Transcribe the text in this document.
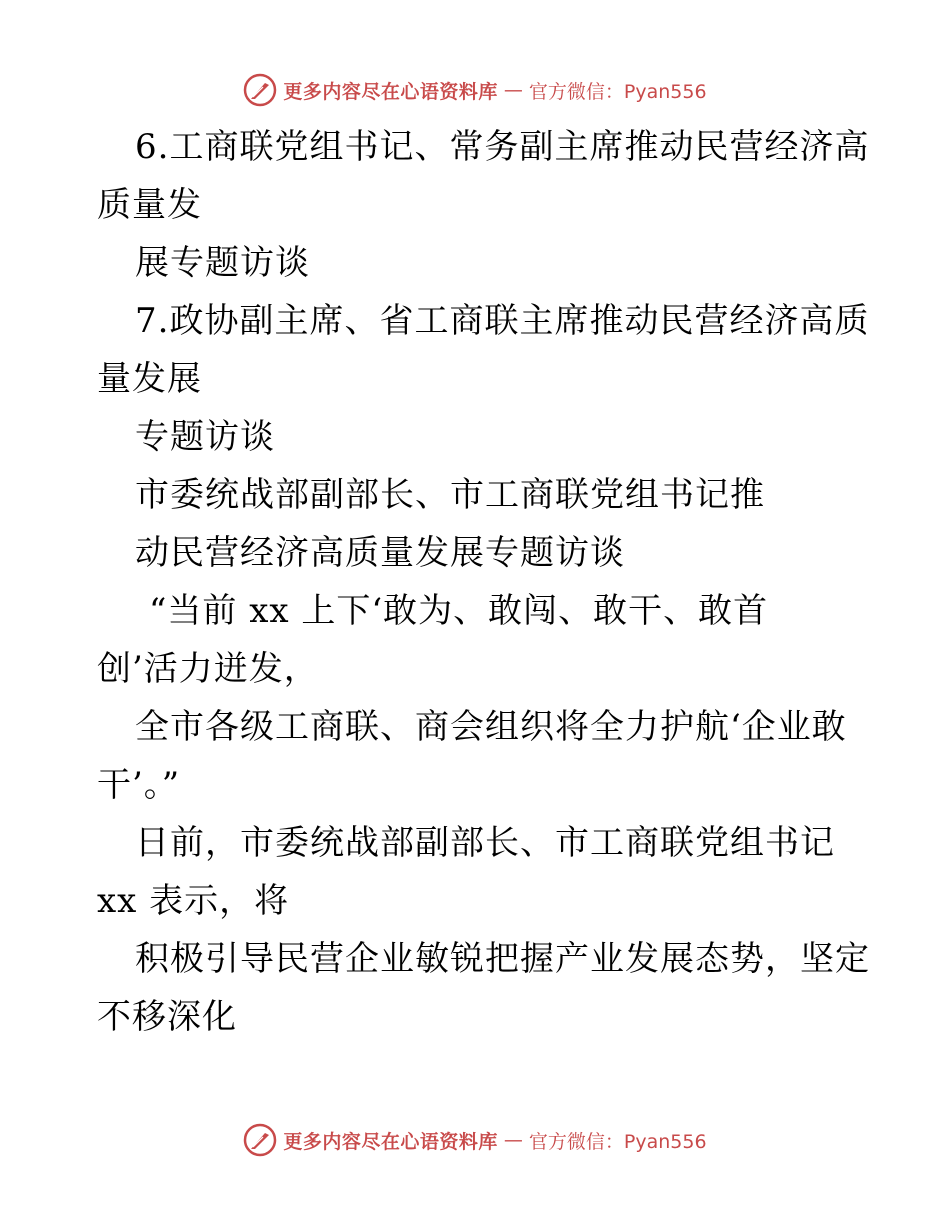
更多内容尽在心语资料库 — 官方微信：Pyan556
6.工商联党组书记、常务副主席推动民营经济高
质量发
展专题访谈
7.政协副主席、省工商联主席推动民营经济高质
量发展
专题访谈
市委统战部副部长、市工商联党组书记推
动民营经济高质量发展专题访谈
“当前 xx 上下‘敢为、敢闯、敢干、敢首
创’活力迸发，
全市各级工商联、商会组织将全力护航‘企业敢
干’。”
日前，市委统战部副部长、市工商联党组书记
xx 表示，将
积极引导民营企业敏锐把握产业发展态势，坚定
不移深化
更多内容尽在心语资料库 — 官方微信：Pyan556
